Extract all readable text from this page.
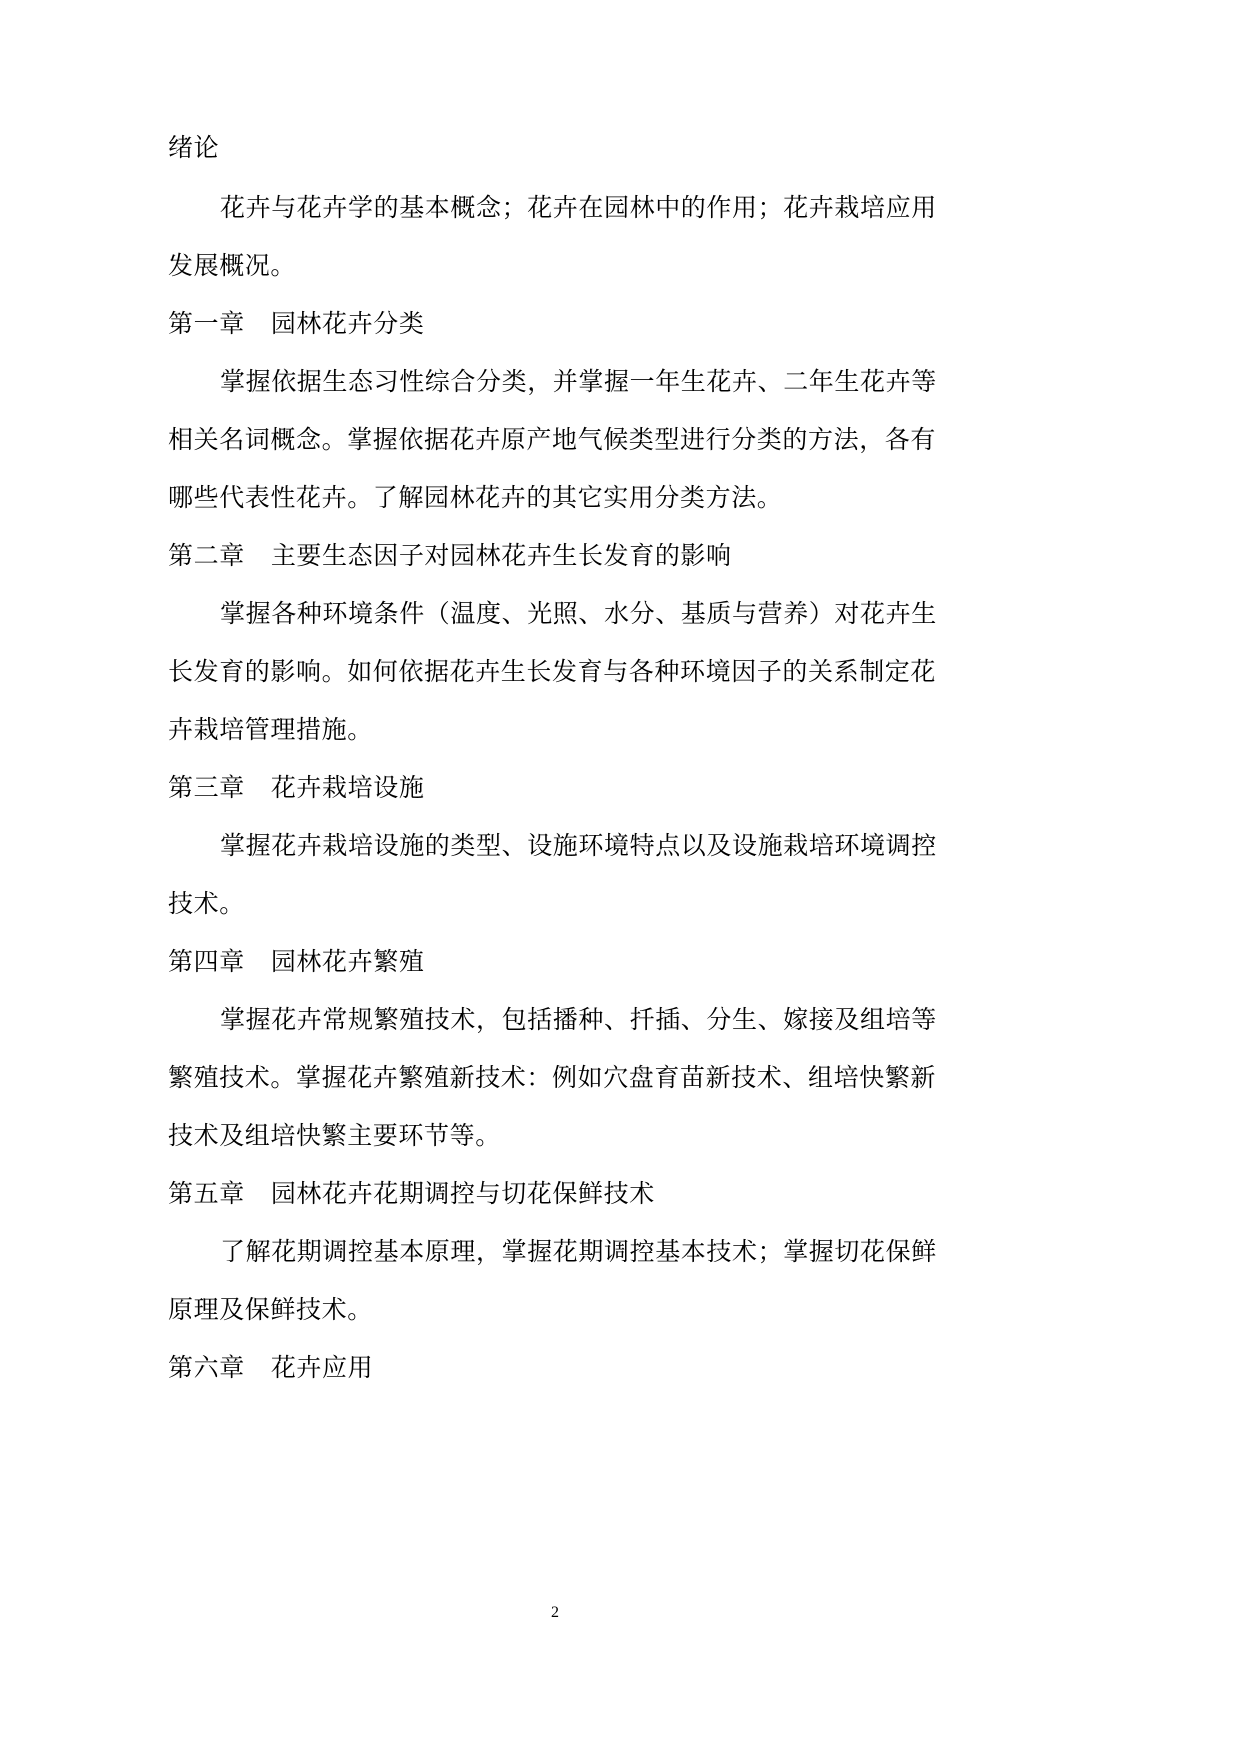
绪论
花卉与花卉学的基本概念；花卉在园林中的作用；花卉栽培应用
发展概况。
第一章 园林花卉分类
掌握依据生态习性综合分类，并掌握一年生花卉、二年生花卉等
相关名词概念。掌握依据花卉原产地气候类型进行分类的方法，各有
哪些代表性花卉。了解园林花卉的其它实用分类方法。
第二章 主要生态因子对园林花卉生长发育的影响
掌握各种环境条件（温度、光照、水分、基质与营养）对花卉生
长发育的影响。如何依据花卉生长发育与各种环境因子的关系制定花
卉栽培管理措施。
第三章 花卉栽培设施
掌握花卉栽培设施的类型、设施环境特点以及设施栽培环境调控
技术。
第四章 园林花卉繁殖
掌握花卉常规繁殖技术，包括播种、扦插、分生、嫁接及组培等
繁殖技术。掌握花卉繁殖新技术：例如穴盘育苗新技术、组培快繁新
技术及组培快繁主要环节等。
第五章 园林花卉花期调控与切花保鲜技术
了解花期调控基本原理，掌握花期调控基本技术；掌握切花保鲜
原理及保鲜技术。
第六章 花卉应用
2
